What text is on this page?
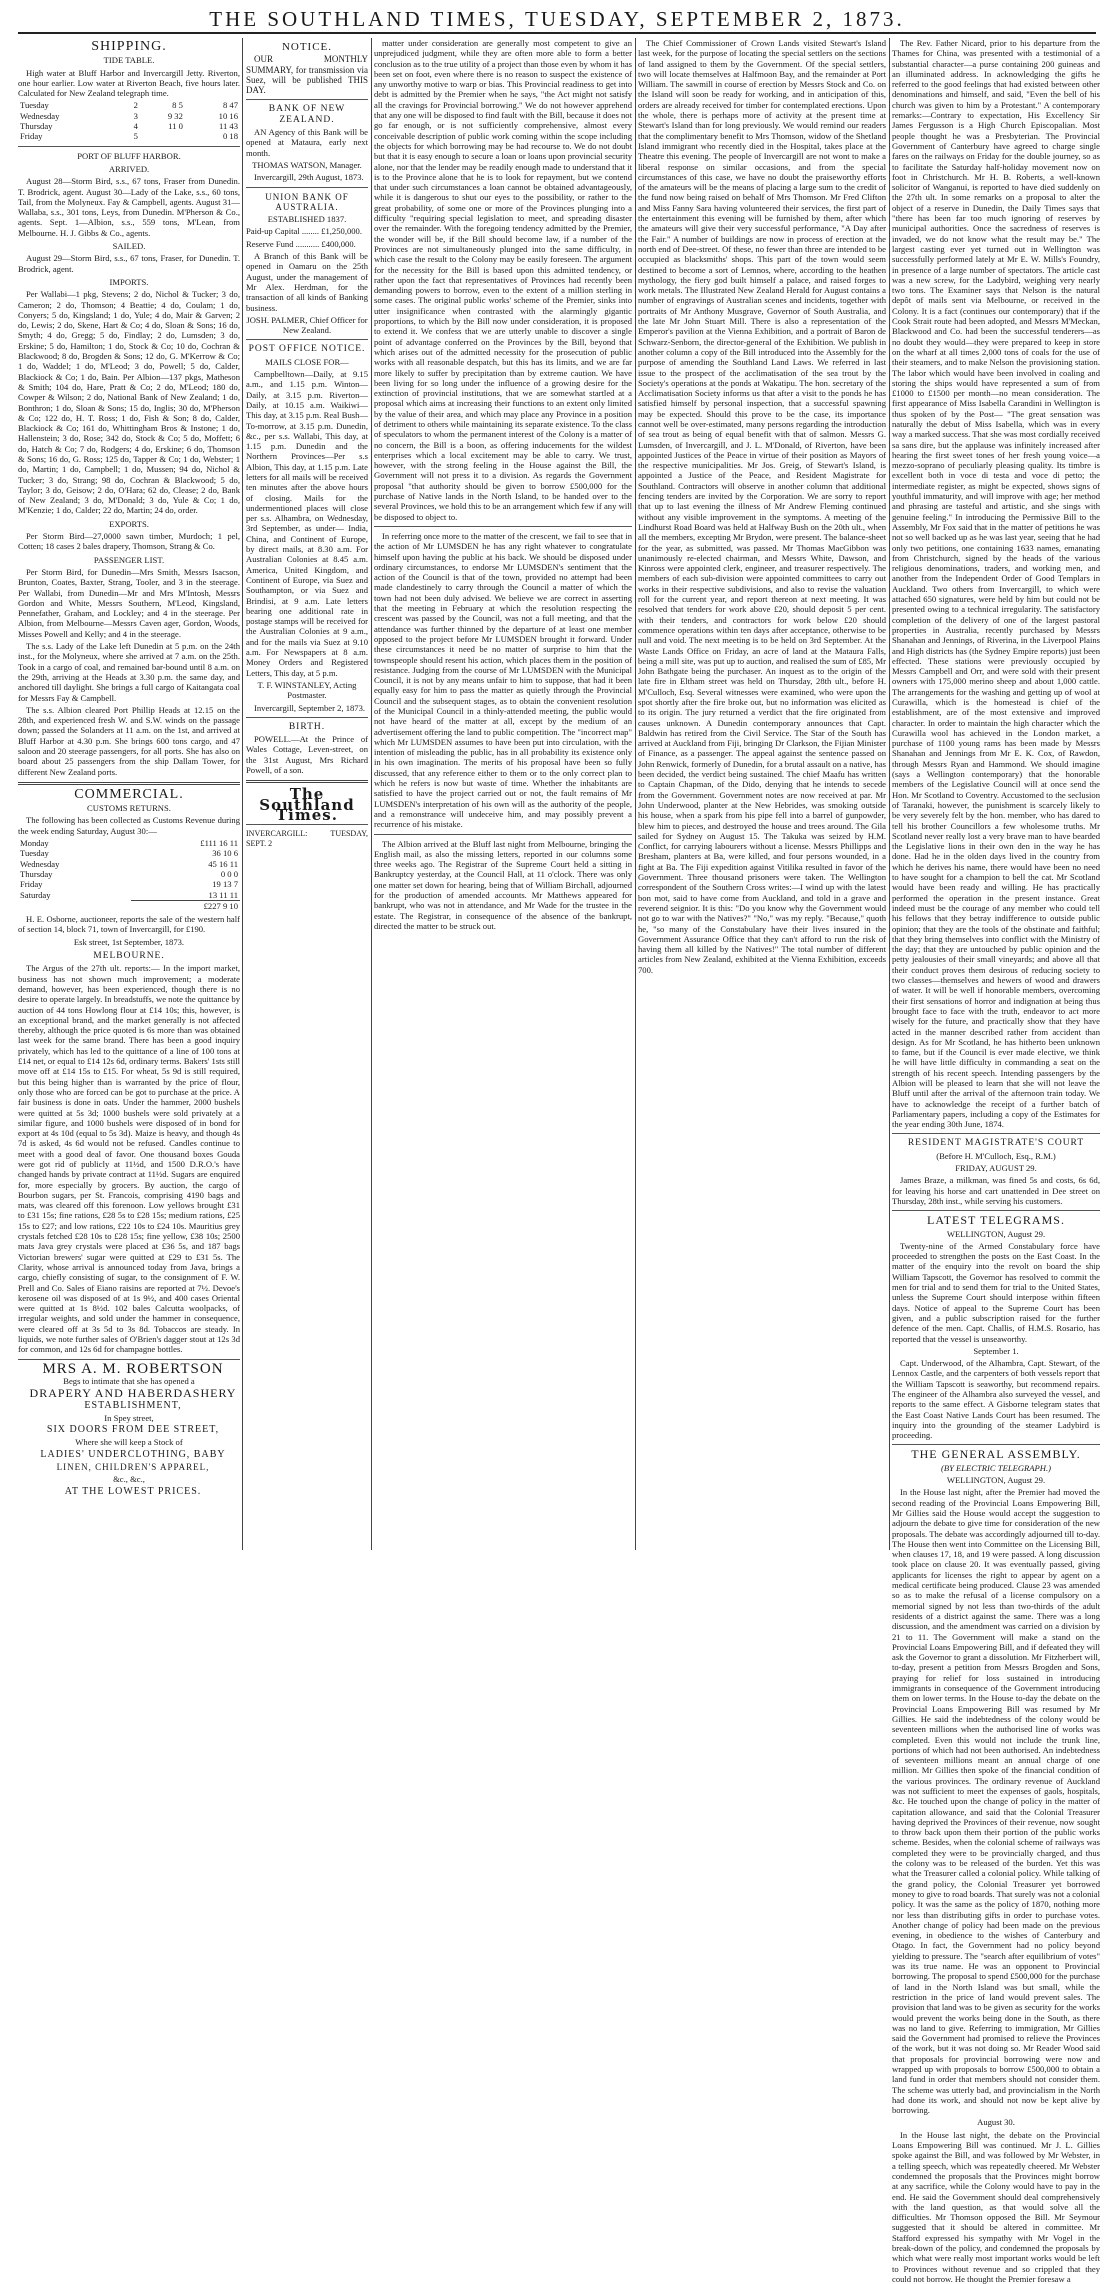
THE SOUTHLAND TIMES, TUESDAY, SEPTEMBER 2, 1873.
SHIPPING.
TIDE TABLE.

High water at Bluff Harbor and Invercargill Jetty. Riverton, one hour earlier. Low water at Riverton Beach, five hours later. Calculated for New Zealand telegraph time.

Tuesday	2	8 5	8 47
Wednesday	3	9 32	10 16
Thursday	4	11 0	11 43
Friday	5		0 18
PORT OF BLUFF HARBOR.
ARRIVED.

August 28—Storm Bird, s.s., 67 tons, Fraser from Dunedin. T. Brodrick, agent. August 30—Lady of the Lake, s.s., 60 tons, Tail, from the Molyneux. Fay & Campbell, agents. August 31—Wallaba, s.s., 301 tons, Leys, from Dunedin. M'Pherson & Co., agents. Sept. 1—Albion, s.s., 559 tons, M'Lean, from Melbourne. H. J. Gibbs & Co., agents.

SAILED.

August 29—Storm Bird, s.s., 67 tons, Fraser, for Dunedin. T. Brodrick, agent.

IMPORTS.

Per Wallabi—1 pkg, Stevens; 2 do, Nichol & Tucker; 3 do, Cameron; 2 do, Thomson; 4 Beattie; 4 do, Coulam; 1 do, Conyers; 5 do, Kingsland; 1 do, Yule; 4 do, Mair & Garven; 2 do, Lewis; 2 do, Skene, Hart & Co; 4 do, Sloan & Sons; 16 do, Smyth; 4 do, Gregg; 5 do, Findlay; 2 do, Lumsden; 3 do, Erskine; 5 do, Hamilton; 1 do, Stock & Co; 10 do, Cochran & Blackwood; 8 do, Brogden & Sons; 12 do, G. M'Kerrow & Co; 1 do, Waddel; 1 do, M'Leod; 3 do, Powell; 5 do, Calder, Blackiock & Co; 1 do, Bain. Per Albion—137 pkgs, Matheson & Smith; 104 do, Hare, Pratt & Co; 2 do, M'Leod; 180 do, Cowper & Wilson; 2 do, National Bank of New Zealand; 1 do, Bonthron; 1 do, Sloan & Sons; 15 do, Inglis; 30 do, M'Pherson & Co; 122 do, H. T. Ross; 1 do, Fish & Son; 8 do, Calder, Blackiock & Co; 161 do, Whittingham Bros & Instone; 1 do, Hallenstein; 3 do, Rose; 342 do, Stock & Co; 5 do, Moffett; 6 do, Hatch & Co; 7 do, Rodgers; 4 do, Erskine; 6 do, Thomson & Sons; 16 do, G. Ross; 125 do, Tapper & Co; 1 do, Webster; 1 do, Martin; 1 do, Campbell; 1 do, Mussen; 94 do, Nichol & Tucker; 3 do, Strang; 98 do, Cochran & Blackwood; 5 do, Taylor; 3 do, Geisow; 2 do, O'Hara; 62 do, Clease; 2 do, Bank of New Zealand; 3 do, M'Donald; 3 do, Yule & Co; 1 do, M'Kenzie; 1 do, Calder; 22 do, Martin; 24 do, order.

EXPORTS.

Per Storm Bird—27,0000 sawn timber, Murdoch; 1 pel, Cotten; 18 cases 2 bales drapery, Thomson, Strang & Co.

PASSENGER LIST.

Per Storm Bird, for Dunedin—Mrs Smith, Messrs Isacson, Brunton, Coates, Baxter, Strang, Tooler, and 3 in the steerage. Per Wallabi, from Dunedin—Mr and Mrs M'Intosh, Messrs Gordon and White, Messrs Southern, M'Leod, Kingsland, Pennefather, Graham, and Lockley; and 4 in the steerage. Per Albion, from Melbourne—Messrs Caven ager, Gordon, Woods, Misses Powell and Kelly; and 4 in the steerage.

The s.s. Lady of the Lake left Dunedin at 5 p.m. on the 24th inst., for the Molyneux, where she arrived at 7 a.m. on the 25th. Took in a cargo of coal, and remained bar-bound until 8 a.m. on the 29th, arriving at the Heads at 3.30 p.m. the same day, and anchored till daylight. She brings a full cargo of Kaitangata coal for Messrs Fay & Campbell.

The s.s. Albion cleared Port Phillip Heads at 12.15 on the 28th, and experienced fresh W. and S.W. winds on the passage down; passed the Solanders at 11 a.m. on the 1st, and arrived at Bluff Harbor at 4.30 p.m. She brings 600 tons cargo, and 47 saloon and 20 steerage passengers, for all ports. She has also on board about 25 passengers from the ship Dallam Tower, for different New Zealand ports.

COMMERCIAL.
CUSTOMS RETURNS.

The following has been collected as Customs Revenue during the week ending Saturday, August 30:—

Monday	£111 16 11
Tuesday	36 10 6
Wednesday	45 16 11
Thursday	0 0 0
Friday	19 13 7
Saturday	13 11 11
	£227 9 10

H. E. Osborne, auctioneer, reports the sale of the western half of section 14, block 71, town of Invercargill, for £190.

Esk street, 1st September, 1873.

MELBOURNE.

The Argus of the 27th ult. reports:— In the import market, business has not shown much improvement; a moderate demand, however, has been experienced, though there is no desire to operate largely. In breadstuffs, we note the quittance by auction of 44 tons Howlong flour at £14 10s; this, however, is an exceptional brand, and the market generally is not affected thereby, although the price quoted is 6s more than was obtained last week for the same brand. There has been a good inquiry privately, which has led to the quittance of a line of 100 tons at £14 net, or equal to £14 12s 6d, ordinary terms. Bakers' 1sts still move off at £14 15s to £15. For wheat, 5s 9d is still required, but this being higher than is warranted by the price of flour, only those who are forced can be got to purchase at the price. A fair business is done in oats. Under the hammer, 2000 bushels were quitted at 5s 3d; 1000 bushels were sold privately at a similar figure, and 1000 bushels were disposed of in bond for export at 4s 10d (equal to 5s 3d). Maize is heavy, and though 4s 7d is asked, 4s 6d would not be refused. Candles continue to meet with a good deal of favor. One thousand boxes Gouda were got rid of publicly at 11½d, and 1500 D.R.O.'s have changed hands by private contract at 11½d. Sugars are enquired for, more especially by grocers. By auction, the cargo of Bourbon sugars, per St. Francois, comprising 4190 bags and mats, was cleared off this forenoon. Low yellows brought £31 to £31 15s; fine rations, £28 5s to £28 15s; medium rations, £25 15s to £27; and low rations, £22 10s to £24 10s. Mauritius grey crystals fetched £28 10s to £28 15s; fine yellow, £38 10s; 2500 mats Java grey crystals were placed at £36 5s, and 187 bags Victorian brewers' sugar were quitted at £29 to £31 5s. The Clarity, whose arrival is announced today from Java, brings a cargo, chiefly consisting of sugar, to the consignment of F. W. Prell and Co. Sales of Eiano raisins are reported at 7½. Devoe's kerosene oil was disposed of at 1s 9½, and 400 cases Oriental were quitted at 1s 8½d. 102 bales Calcutta woolpacks, of irregular weights, and sold under the hammer in consequence, were cleared off at 3s 5d to 3s 8d. Tobaccos are steady. In liquids, we note further sales of O'Brien's dagger stout at 12s 3d for common, and 12s 6d for champagne bottles.

MRS A. M. ROBERTSON

Begs to intimate that she has opened a

DRAPERY AND HABERDASHERY

ESTABLISHMENT,

In Spey street,

SIX DOORS FROM DEE STREET,

Where she will keep a Stock of

LADIES' UNDERCLOTHING, BABY

LINEN, CHILDREN'S APPAREL,

&c., &c.,

AT THE LOWEST PRICES.

NOTICE.

OUR MONTHLY SUMMARY, for transmission via Suez, will be published THIS DAY.

BANK OF NEW ZEALAND.

AN Agency of this Bank will be opened at Mataura, early next month.

THOMAS WATSON, Manager.

Invercargill, 29th August, 1873.

UNION BANK OF AUSTRALIA.

ESTABLISHED 1837.

Paid-up Capital ........ £1,250,000.

Reserve Fund ........... £400,000.

A Branch of this Bank will be opened in Oamaru on the 25th August, under the management of Mr Alex. Herdman, for the transaction of all kinds of Banking business.

JOSH. PALMER, Chief Officer for New Zealand.

POST OFFICE NOTICE.

MAILS CLOSE FOR—

Campbelltown—Daily, at 9.15 a.m., and 1.15 p.m. Winton—Daily, at 3.15 p.m. Riverton—Daily, at 10.15 a.m. Waikiwi—This day, at 3.15 p.m. Real Bush—To-morrow, at 3.15 p.m. Dunedin, &c., per s.s. Wallabi, This day, at 1.15 p.m. Dunedin and the Northern Provinces—Per s.s Albion, This day, at 1.15 p.m. Late letters for all mails will be received ten minutes after the above hours of closing. Mails for the undermentioned places will close per s.s. Alhambra, on Wednesday, 3rd September, as under— India, China, and Continent of Europe, by direct mails, at 8.30 a.m. For Australian Colonies at 8.45 a.m. America, United Kingdom, and Continent of Europe, via Suez and Southampton, or via Suez and Brindisi, at 9 a.m. Late letters bearing one additional rate in postage stamps will be received for the Australian Colonies at 9 a.m., and for the mails via Suez at 9.10 a.m. For Newspapers at 8 a.m. Money Orders and Registered Letters, This day, at 5 p.m.

T. F. WINSTANLEY, Acting Postmaster.

Invercargill, September 2, 1873.

BIRTH.

POWELL.—At the Prince of Wales Cottage, Leven-street, on the 31st August, Mrs Richard Powell, of a son.

The Southland Times.

INVERCARGILL: TUESDAY, SEPT. 2

matter under consideration are generally most competent to give an unprejudiced judgment, while they are often more able to form a better conclusion as to the true utility of a project than those even by whom it has been set on foot, even where there is no reason to suspect the existence of any unworthy motive to warp or bias. This Provincial readiness to get into debt is admitted by the Premier when he says, "the Act might not satisfy all the cravings for Provincial borrowing." We do not however apprehend that any one will be disposed to find fault with the Bill, because it does not go far enough, or is not sufficiently comprehensive, almost every conceivable description of public work coming within the scope including the objects for which borrowing may be had recourse to. We do not doubt but that it is easy enough to secure a loan or loans upon provincial security alone, nor that the lender may be readily enough made to understand that it is to the Province alone that he is to look for repayment, but we contend that under such circumstances a loan cannot be obtained advantageously, while it is dangerous to shut our eyes to the possibility, or rather to the great probability, of some one or more of the Provinces plunging into a difficulty "requiring special legislation to meet, and spreading disaster over the remainder. With the foregoing tendency admitted by the Premier, the wonder will be, if the Bill should become law, if a number of the Provinces are not simultaneously plunged into the same difficulty, in which case the result to the Colony may be easily foreseen. The argument for the necessity for the Bill is based upon this admitted tendency, or rather upon the fact that representatives of Provinces had recently been demanding powers to borrow, even to the extent of a million sterling in some cases. The original public works' scheme of the Premier, sinks into utter insignificance when contrasted with the alarmingly gigantic proportions, to which by the Bill now under consideration, it is proposed to extend it. We confess that we are utterly unable to discover a single point of advantage conferred on the Provinces by the Bill, beyond that which arises out of the admitted necessity for the prosecution of public works with all reasonable despatch, but this has its limits, and we are far more likely to suffer by precipitation than by extreme caution. We have been living for so long under the influence of a growing desire for the extinction of provincial institutions, that we are somewhat startled at a proposal which aims at increasing their functions to an extent only limited by the value of their area, and which may place any Province in a position of detriment to others while maintaining its separate existence. To the class of speculators to whom the permanent interest of the Colony is a matter of no concern, the Bill is a boon, as offering inducements for the wildest enterprises which a local excitement may be able to carry. We trust, however, with the strong feeling in the House against the Bill, the Government will not press it to a division. As regards the Government proposal "that authority should be given to borrow £500,000 for the purchase of Native lands in the North Island, to be handed over to the several Provinces, we hold this to be an arrangement which few if any will be disposed to object to.

In referring once more to the matter of the crescent, we fail to see that in the action of Mr LUMSDEN he has any right whatever to congratulate himself upon having the public at his back. We should be disposed under ordinary circumstances, to endorse Mr LUMSDEN's sentiment that the action of the Council is that of the town, provided no attempt had been made clandestinely to carry through the Council a matter of which the town had not been duly advised. We believe we are correct in asserting that the meeting in February at which the resolution respecting the crescent was passed by the Council, was not a full meeting, and that the attendance was further thinned by the departure of at least one member opposed to the project before Mr LUMSDEN brought it forward. Under these circumstances it need be no matter of surprise to him that the townspeople should resent his action, which places them in the position of resistance. Judging from the course of Mr LUMSDEN with the Municipal Council, it is not by any means unfair to him to suppose, that had it been equally easy for him to pass the matter as quietly through the Provincial Council and the subsequent stages, as to obtain the convenient resolution of the Municipal Council in a thinly-attended meeting, the public would not have heard of the matter at all, except by the medium of an advertisement offering the land to public competition. The "incorrect map" which Mr LUMSDEN assumes to have been put into circulation, with the intention of misleading the public, has in all probability its existence only in his own imagination. The merits of his proposal have been so fully discussed, that any reference either to them or to the only correct plan to which he refers is now but waste of time. Whether the inhabitants are satisfied to have the project carried out or not, the fault remains of Mr LUMSDEN's interpretation of his own will as the authority of the people, and a remonstrance will undeceive him, and may possibly prevent a recurrence of his mistake.

The Albion arrived at the Bluff last night from Melbourne, bringing the English mail, as also the missing letters, reported in our columns some three weeks ago. The Registrar of the Supreme Court held a sitting in Bankruptcy yesterday, at the Council Hall, at 11 o'clock. There was only one matter set down for hearing, being that of William Birchall, adjourned for the production of amended accounts. Mr Matthews appeared for bankrupt, who was not in attendance, and Mr Wade for the trustee in the estate. The Registrar, in consequence of the absence of the bankrupt, directed the matter to be struck out.

The Chief Commissioner of Crown Lands visited Stewart's Island last week, for the purpose of locating the special settlers on the sections of land assigned to them by the Government. Of the special settlers, two will locate themselves at Halfmoon Bay, and the remainder at Port William. The sawmill in course of erection by Messrs Stock and Co. on the Island will soon be ready for working, and in anticipation of this, orders are already received for timber for contemplated erections. Upon the whole, there is perhaps more of activity at the present time at Stewart's Island than for long previously. We would remind our readers that the complimentary benefit to Mrs Thomson, widow of the Shetland Island immigrant who recently died in the Hospital, takes place at the Theatre this evening. The people of Invercargill are not wont to make a liberal response on similar occasions, and from the special circumstances of this case, we have no doubt the praiseworthy efforts of the amateurs will be the means of placing a large sum to the credit of the fund now being raised on behalf of Mrs Thomson. Mr Fred Clifton and Miss Fanny Sara having volunteered their services, the first part of the entertainment this evening will be furnished by them, after which the amateurs will give their very successful performance, "A Day after the Fair." A number of buildings are now in process of erection at the north end of Dee-street. Of these, no fewer than three are intended to be occupied as blacksmiths' shops. This part of the town would seem destined to become a sort of Lemnos, where, according to the heathen mythology, the fiery god built himself a palace, and raised forges to work metals. The Illustrated New Zealand Herald for August contains a number of engravings of Australian scenes and incidents, together with portraits of Mr Anthony Musgrave, Governor of South Australia, and the late Mr John Stuart Mill. There is also a representation of the Emperor's pavilion at the Vienna Exhibition, and a portrait of Baron de Schwarz-Senborn, the director-general of the Exhibition. We publish in another column a copy of the Bill introduced into the Assembly for the purpose of amending the Southland Land Laws. We referred in last issue to the prospect of the acclimatisation of the sea trout by the Society's operations at the ponds at Wakatipu. The hon. secretary of the Acclimatisation Society informs us that after a visit to the ponds he has satisfied himself by personal inspection, that a successful spawning may be expected. Should this prove to be the case, its importance cannot well be over-estimated, many persons regarding the introduction of sea trout as being of equal benefit with that of salmon. Messrs G. Lumsden, of Invercargill, and J. L. M'Donald, of Riverton, have been appointed Justices of the Peace in virtue of their position as Mayors of the respective municipalities. Mr Jos. Greig, of Stewart's Island, is appointed a Justice of the Peace, and Resident Magistrate for Southland. Contractors will observe in another column that additional fencing tenders are invited by the Corporation. We are sorry to report that up to last evening the illness of Mr Andrew Fleming continued without any visible improvement in the symptoms. A meeting of the Lindhurst Road Board was held at Halfway Bush on the 20th ult., when all the members, excepting Mr Brydon, were present. The balance-sheet for the year, as submitted, was passed. Mr Thomas MacGibbon was unanimously re-elected chairman, and Messrs White, Dawson, and Kinross were appointed clerk, engineer, and treasurer respectively. The members of each sub-division were appointed committees to carry out works in their respective subdivisions, and also to revise the valuation roll for the current year, and report thereon at next meeting. It was resolved that tenders for work above £20, should deposit 5 per cent. with their tenders, and contractors for work below £20 should commence operations within ten days after acceptance, otherwise to be null and void. The next meeting is to be held on 3rd September. At the Waste Lands Office on Friday, an acre of land at the Mataura Falls, being a mill site, was put up to auction, and realised the sum of £85, Mr John Bathgate being the purchaser. An inquest as to the origin of the late fire in Eltham street was held on Thursday, 28th ult., before H. M'Culloch, Esq. Several witnesses were examined, who were upon the spot shortly after the fire broke out, but no information was elicited as to its origin. The jury returned a verdict that the fire originated from causes unknown. A Dunedin contemporary announces that Capt. Baldwin has retired from the Civil Service. The Star of the South has arrived at Auckland from Fiji, bringing Dr Clarkson, the Fijian Minister of Finance, as a passenger. The appeal against the sentence passed on John Renwick, formerly of Dunedin, for a brutal assault on a native, has been decided, the verdict being sustained. The chief Maafu has written to Captain Chapman, of the Dido, denying that he intends to secede from the Government. Government notes are now received at par. Mr John Underwood, planter at the New Hebrides, was smoking outside his house, when a spark from his pipe fell into a barrel of gunpowder, blew him to pieces, and destroyed the house and trees around. The Gila sailed for Sydney on August 15. The Takuka was seized by H.M. Conflict, for carrying labourers without a license. Messrs Phillipps and Bresham, planters at Ba, were killed, and four persons wounded, in a fight at Ba. The Fiji expedition against Vitilika resulted in favor of the Government. Three thousand prisoners were taken. The Wellington correspondent of the Southern Cross writes:—I wind up with the latest bon mot, said to have come from Auckland, and told in a grave and reverend seignior. It is this: "Do you know why the Government would not go to war with the Natives?" "No," was my reply. "Because," quoth he, "so many of the Constabulary have their lives insured in the Government Assurance Office that they can't afford to run the risk of having them all killed by the Natives!" The total number of different articles from New Zealand, exhibited at the Vienna Exhibition, exceeds 700.

The Rev. Father Nicard, prior to his departure from the Thames for China, was presented with a testimonial of a substantial character—a purse containing 200 guineas and an illuminated address. In acknowledging the gifts he referred to the good feelings that had existed between other denominations and himself, and said, "Even the bell of his church was given to him by a Protestant." A contemporary remarks:—Contrary to expectation, His Excellency Sir James Fergusson is a High Church Episcopalian. Most people thought he was a Presbyterian. The Provincial Government of Canterbury have agreed to charge single fares on the railways on Friday for the double journey, so as to facilitate the Saturday half-holiday movement now on foot in Christchurch. Mr H. B. Roberts, a well-known solicitor of Wanganui, is reported to have died suddenly on the 27th ult. In some remarks on a proposal to alter the object of a reserve in Dunedin, the Daily Times says that "there has been far too much ignoring of reserves by municipal authorities. Once the sacredness of reserves is invaded, we do not know what the result may be." The largest casting ever yet turned out in Wellington was successfully performed lately at Mr E. W. Mills's Foundry, in presence of a large number of spectators. The article cast was a new screw, for the Ladybird, weighing very nearly two tons. The Examiner says that Nelson is the natural depôt of mails sent via Melbourne, or received in the Colony. It is a fact (continues our contemporary) that if the Cook Strait route had been adopted, and Messrs M'Meckan, Blackwood and Co. had been the successful tenderers—as no doubt they would—they were prepared to keep in store on the wharf at all times 2,000 tons of coals for the use of their steamers, and to make Nelson the provisioning station. The labor which would have been involved in coaling and storing the ships would have represented a sum of from £1000 to £1500 per month—no mean consideration. The first appearance of Miss Isabella Carandini in Wellington is thus spoken of by the Post— "The great sensation was naturally the debut of Miss Isabella, which was in every way a marked success. That she was most cordially received sa sans dire, but the applause was infinitely increased after hearing the first sweet tones of her fresh young voice—a mezzo-soprano of peculiarly pleasing quality. Its timbre is excellent both in voce di testa and voce di petto; the intermediate register, as might be expected, shows signs of youthful immaturity, and will improve with age; her method and phrasing are tasteful and artistic, and she sings with genuine feeling." In introducing the Permissive Bill to the Assembly, Mr Fox said that in the matter of petitions he was not so well backed up as he was last year, seeing that he had only two petitions, one containing 1633 names, emanating from Christchurch, signed by the heads of the various religious denominations, traders, and working men, and another from the Independent Order of Good Templars in Auckland. Two others from Invercargill, to which were attached 650 signatures, were held by him but could not be presented owing to a technical irregularity. The satisfactory completion of the delivery of one of the largest pastoral properties in Australia, recently purchased by Messrs Shanahan and Jennings, of Riverina, in the Liverpool Plains and High districts has (the Sydney Empire reports) just been effected. These stations were previously occupied by Messrs Campbell and Orr, and were sold with their present owners with 175,000 merino sheep and about 1,000 cattle. The arrangements for the washing and getting up of wool at Curawilla, which is the homestead is chief of the establishment, are of the most extensive and improved character. In order to maintain the high character which the Curawilla wool has achieved in the London market, a purchase of 1100 young rams has been made by Messrs Shanahan and Jennings from Mr E. K. Cox, of Rawdon, through Messrs Ryan and Hammond. We should imagine (says a Wellington contemporary) that the honorable members of the Legislative Council will at once send the Hon. Mr Scotland to Coventry. Accustomed to the seclusion of Taranaki, however, the punishment is scarcely likely to be very severely felt by the hon. member, who has dared to tell his brother Councillors a few wholesome truths. Mr Scotland never really lost a very brave man to have bearded the Legislative lions in their own den in the way he has done. Had he in the olden days lived in the country from which he derives his name, there would have been no need to have sought for a champion to bell the cat. Mr Scotland would have been ready and willing. He has practically performed the operation in the present instance. Great indeed must be the courage of any member who could tell his fellows that they betray indifference to outside public opinion; that they are the tools of the obstinate and faithful; that they bring themselves into conflict with the Ministry of the day; that they are untouched by public opinion and the petty jealousies of their small vineyards; and above all that their conduct proves them desirous of reducing society to two classes—themselves and hewers of wood and drawers of water. It will be well if honorable members, overcoming their first sensations of horror and indignation at being thus brought face to face with the truth, endeavor to act more wisely for the future, and practically show that they have acted in the manner described rather from accident than design. As for Mr Scotland, he has hitherto been unknown to fame, but if the Council is ever made elective, we think he will have little difficulty in commanding a seat on the strength of his recent speech. Intending passengers by the Albion will be pleased to learn that she will not leave the Bluff until after the arrival of the afternoon train today. We have to acknowledge the receipt of a further batch of Parliamentary papers, including a copy of the Estimates for the year ending 30th June, 1874.

RESIDENT MAGISTRATE'S COURT

(Before H. M'Culloch, Esq., R.M.)

FRIDAY, AUGUST 29.

James Braze, a milkman, was fined 5s and costs, 6s 6d, for leaving his horse and cart unattended in Dee street on Thursday, 28th inst., while serving his customers.

LATEST TELEGRAMS.

WELLINGTON, August 29.

Twenty-nine of the Armed Constabulary force have proceeded to strengthen the posts on the East Coast. In the matter of the enquiry into the revolt on board the ship William Tapscott, the Governor has resolved to commit the men for trial and to send them for trial to the United States, unless the Supreme Court should interpose within fifteen days. Notice of appeal to the Supreme Court has been given, and a public subscription raised for the further defence of the men. Capt. Challis, of H.M.S. Rosario, has reported that the vessel is unseaworthy.

September 1.

Capt. Underwood, of the Alhambra, Capt. Stewart, of the Lennox Castle, and the carpenters of both vessels report that the William Tapscott is seaworthy, but recommend repairs. The engineer of the Alhambra also surveyed the vessel, and reports to the same effect. A Gisborne telegram states that the East Coast Native Lands Court has been resumed. The inquiry into the grounding of the steamer Ladybird is proceeding.

THE GENERAL ASSEMBLY.

(BY ELECTRIC TELEGRAPH.)

WELLINGTON, August 29.

In the House last night, after the Premier had moved the second reading of the Provincial Loans Empowering Bill, Mr Gillies said the House would accept the suggestion to adjourn the debate to give time for consideration of the new proposals. The debate was accordingly adjourned till to-day. The House then went into Committee on the Licensing Bill, when clauses 17, 18, and 19 were passed. A long discussion took place on clause 20. It was eventually passed, giving applicants for licenses the right to appear by agent on a medical certificate being produced. Clause 23 was amended so as to make the refusal of a license compulsory on a memorial signed by not less than two-thirds of the adult residents of a district against the same. There was a long discussion, and the amendment was carried on a division by 21 to 11. The Government will make a stand on the Provincial Loans Empowering Bill, and if defeated they will ask the Governor to grant a dissolution. Mr Fitzherbert will, to-day, present a petition from Messrs Brogden and Sons, praying for relief for loss sustained in introducing immigrants in consequence of the Government introducing them on lower terms. In the House to-day the debate on the Provincial Loans Empowering Bill was resumed by Mr Gillies. He said the indebtedness of the colony would be seventeen millions when the authorised line of works was completed. Even this would not include the trunk line, portions of which had not been authorised. An indebtedness of seventeen millions meant an annual charge of one million. Mr Gillies then spoke of the financial condition of the various provinces. The ordinary revenue of Auckland was not sufficient to meet the expenses of gaols, hospitals, &c. He touched upon the change of policy in the matter of capitation allowance, and said that the Colonial Treasurer having deprived the Provinces of their revenue, now sought to throw back upon them their portion of the public works scheme. Besides, when the colonial scheme of railways was completed they were to be provincially charged, and thus the colony was to be released of the burden. Yet this was what the Treasurer called a colonial policy. While talking of the grand policy, the Colonial Treasurer yet borrowed money to give to road boards. That surely was not a colonial policy. It was the same as the policy of 1870, nothing more nor less than distributing gifts in order to purchase votes. Another change of policy had been made on the previous evening, in obedience to the wishes of Canterbury and Otago. In fact, the Government had no policy beyond yielding to pressure. The "search after equilibrium of votes" was its true name. He was an opponent to Provincial borrowing. The proposal to spend £500,000 for the purchase of land in the North Island was but small, while the restriction in the price of land would prevent sales. The provision that land was to be given as security for the works would prevent the works being done in the South, as there was no land to give. Referring to immigration, Mr Gillies said the Government had promised to relieve the Provinces of the work, but it was not doing so. Mr Reader Wood said that proposals for provincial borrowing were now and wrapped up with proposals to borrow £500,000 to obtain a land fund in order that members should not consider them. The scheme was utterly bad, and provincialism in the North had done its work, and should not now be kept alive by borrowing.

August 30.

In the House last night, the debate on the Provincial Loans Empowering Bill was continued. Mr J. L. Gillies spoke against the Bill, and was followed by Mr Webster, in a telling speech, which was repeatedly cheered. Mr Webster condemned the proposals that the Provinces might borrow at any sacrifice, while the Colony would have to pay in the end. He said the Government should deal comprehensively with the land question, as that would solve all the difficulties. Mr Thomson opposed the Bill. Mr Seymour suggested that it should be altered in committee. Mr Stafford expressed his sympathy with Mr Vogel in the break-down of the policy, and condemned the proposals by which what were really most important works would be left to Provinces without revenue and so crippled that they could not borrow. He thought the Premier foresaw a
